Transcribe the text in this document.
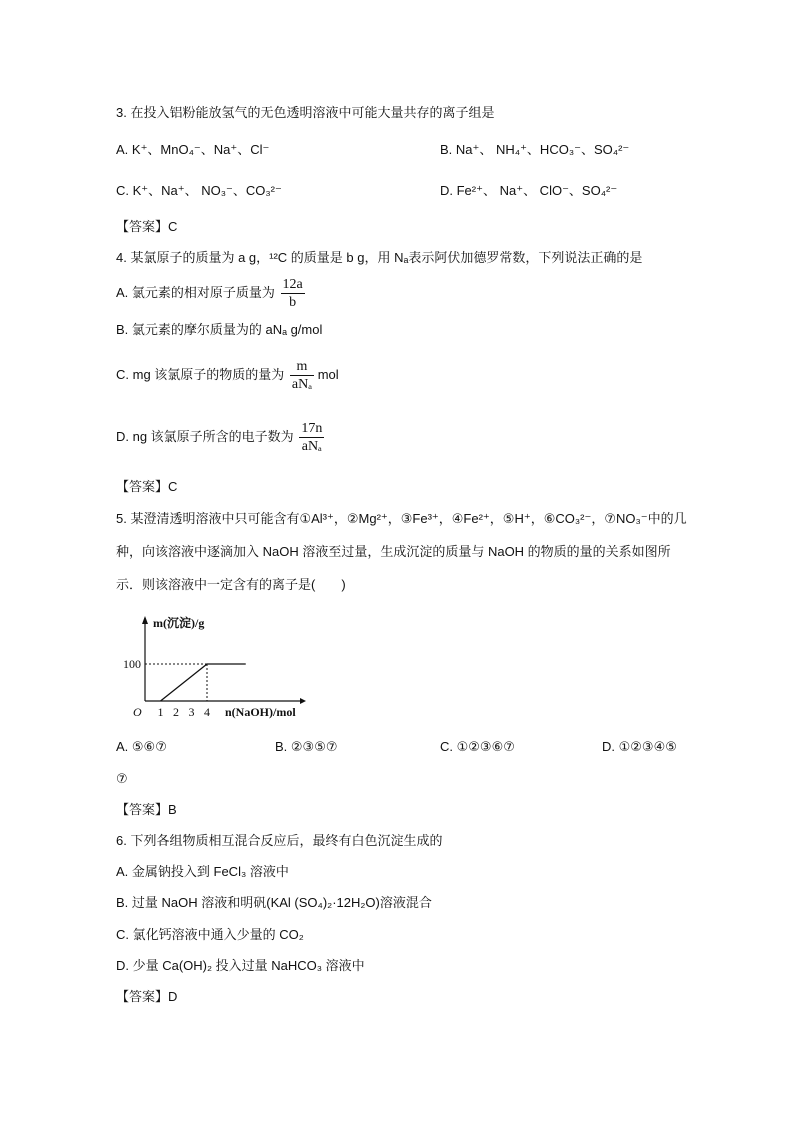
3. 在投入铝粉能放氢气的无色透明溶液中可能大量共存的离子组是
A. K⁺、MnO₄⁻、Na⁺、Cl⁻	B. Na⁺、 NH₄⁺、HCO₃⁻、SO₄²⁻
C. K⁺、Na⁺、 NO₃⁻、CO₃²⁻	D. Fe²⁺、 Na⁺、 ClO⁻、SO₄²⁻
【答案】C
4. 某氯原子的质量为 a g，¹²C 的质量是 b g，用 Nₐ表示阿伏加德罗常数，下列说法正确的是
A. 氯元素的相对原子质量为 $\frac{12a}{b}$
B. 氯元素的摩尔质量为的 aNₐ g/mol
C. mg 该氯原子的物质的量为 $\frac{m}{\text{aNₐ}}$ mol
D. ng 该氯原子所含的电子数为 $\frac{17n}{\text{aNₐ}}$
【答案】C
5. 某澄清透明溶液中只可能含有①Al³⁺，②Mg²⁺，③Fe³⁺，④Fe²⁺，⑤H⁺，⑥CO₃²⁻，⑦NO₃⁻中的几
种，向该溶液中逐滴加入 NaOH 溶液至过量，生成沉淀的质量与 NaOH 的物质的量的关系如图所
示．则该溶液中一定含有的离子是(　　)
1 2 3 4
100
O
m(沉淀)/g
n(NaOH)/mol
A. ⑤⑥⑦	B. ②③⑤⑦	C. ①②③⑥⑦	D. ①②③④⑤
⑦
【答案】B
6. 下列各组物质相互混合反应后，最终有白色沉淀生成的
A. 金属钠投入到 FeCl₃ 溶液中
B. 过量 NaOH 溶液和明矾(KAl (SO₄)₂·12H₂O)溶液混合
C. 氯化钙溶液中通入少量的 CO₂
D. 少量 Ca(OH)₂ 投入过量 NaHCO₃ 溶液中
【答案】D
